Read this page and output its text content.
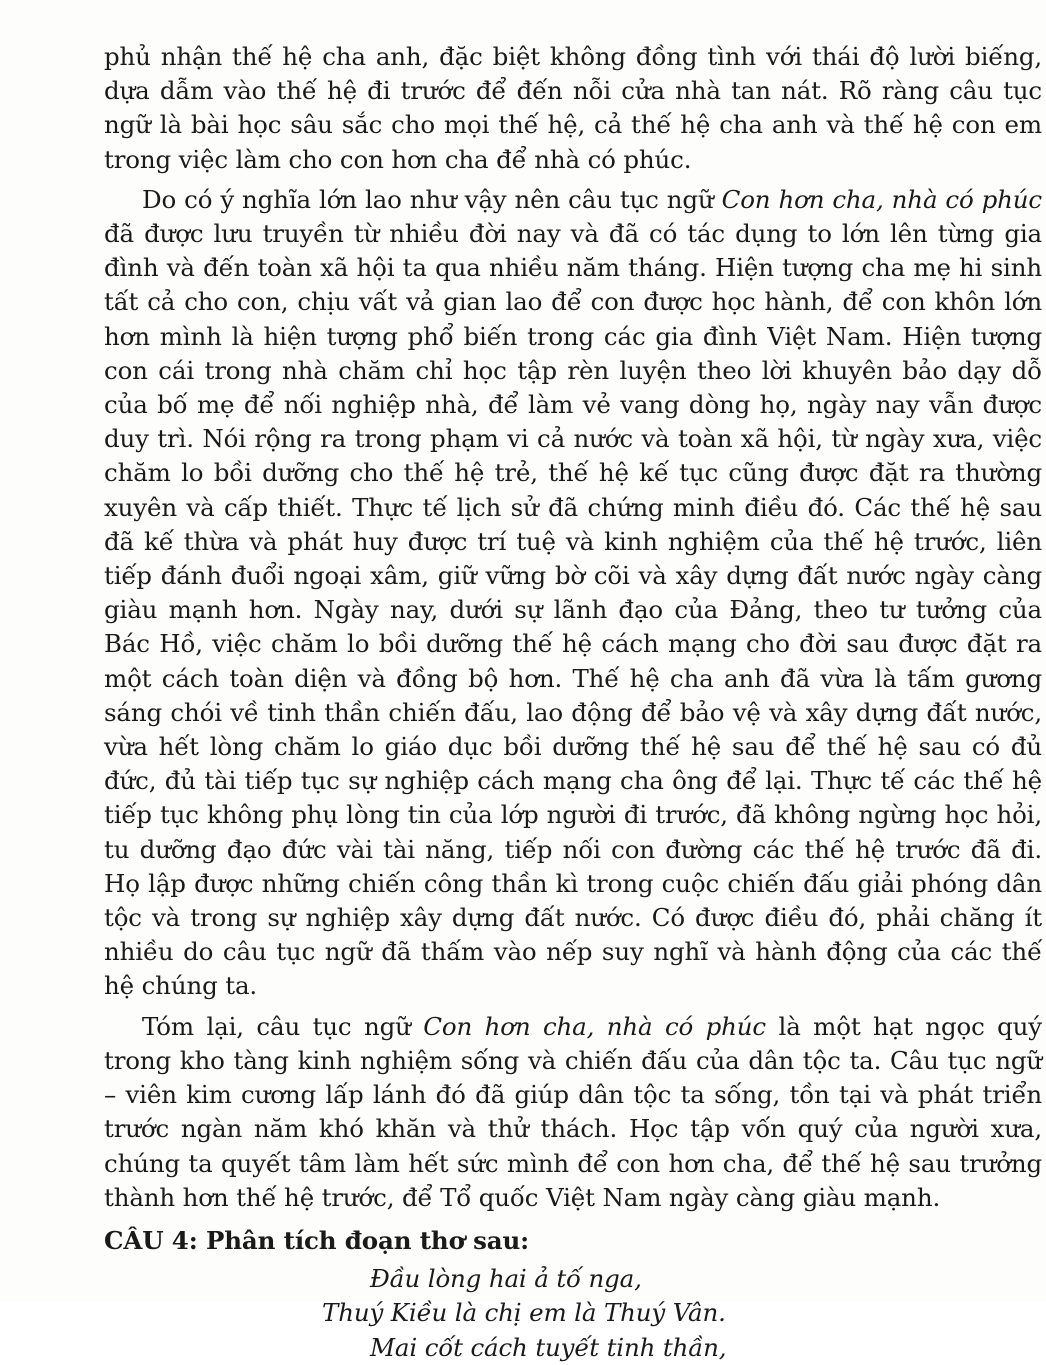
phủ nhận thế hệ cha anh, đặc biệt không đồng tình với thái độ lười biếng, dựa dẫm vào thế hệ đi trước để đến nỗi cửa nhà tan nát. Rõ ràng câu tục ngữ là bài học sâu sắc cho mọi thế hệ, cả thế hệ cha anh và thế hệ con em trong việc làm cho con hơn cha để nhà có phúc.

Do có ý nghĩa lớn lao như vậy nên câu tục ngữ Con hơn cha, nhà có phúc đã được lưu truyền từ nhiều đời nay và đã có tác dụng to lớn lên từng gia đình và đến toàn xã hội ta qua nhiều năm tháng. Hiện tượng cha mẹ hi sinh tất cả cho con, chịu vất vả gian lao để con được học hành, để con khôn lớn hơn mình là hiện tượng phổ biến trong các gia đình Việt Nam. Hiện tượng con cái trong nhà chăm chỉ học tập rèn luyện theo lời khuyên bảo dạy dỗ của bố mẹ để nối nghiệp nhà, để làm vẻ vang dòng họ, ngày nay vẫn được duy trì. Nói rộng ra trong phạm vi cả nước và toàn xã hội, từ ngày xưa, việc chăm lo bồi dưỡng cho thế hệ trẻ, thế hệ kế tục cũng được đặt ra thường xuyên và cấp thiết. Thực tế lịch sử đã chứng minh điều đó. Các thế hệ sau đã kế thừa và phát huy được trí tuệ và kinh nghiệm của thế hệ trước, liên tiếp đánh đuổi ngoại xâm, giữ vững bờ cõi và xây dựng đất nước ngày càng giàu mạnh hơn. Ngày nay, dưới sự lãnh đạo của Đảng, theo tư tưởng của Bác Hồ, việc chăm lo bồi dưỡng thế hệ cách mạng cho đời sau được đặt ra một cách toàn diện và đồng bộ hơn. Thế hệ cha anh đã vừa là tấm gương sáng chói về tinh thần chiến đấu, lao động để bảo vệ và xây dựng đất nước, vừa hết lòng chăm lo giáo dục bồi dưỡng thế hệ sau để thế hệ sau có đủ đức, đủ tài tiếp tục sự nghiệp cách mạng cha ông để lại. Thực tế các thế hệ tiếp tục không phụ lòng tin của lớp người đi trước, đã không ngừng học hỏi, tu dưỡng đạo đức vài tài năng, tiếp nối con đường các thế hệ trước đã đi. Họ lập được những chiến công thần kì trong cuộc chiến đấu giải phóng dân tộc và trong sự nghiệp xây dựng đất nước. Có được điều đó, phải chăng ít nhiều do câu tục ngữ đã thấm vào nếp suy nghĩ và hành động của các thế hệ chúng ta.

Tóm lại, câu tục ngữ Con hơn cha, nhà có phúc là một hạt ngọc quý trong kho tàng kinh nghiệm sống và chiến đấu của dân tộc ta. Câu tục ngữ – viên kim cương lấp lánh đó đã giúp dân tộc ta sống, tồn tại và phát triển trước ngàn năm khó khăn và thử thách. Học tập vốn quý của người xưa, chúng ta quyết tâm làm hết sức mình để con hơn cha, để thế hệ sau trưởng thành hơn thế hệ trước, để Tổ quốc Việt Nam ngày càng giàu mạnh.

CÂU 4: Phân tích đoạn thơ sau:

Đầu lòng hai ả tố nga,

Thuý Kiều là chị em là Thuý Vân.

Mai cốt cách tuyết tinh thần,
